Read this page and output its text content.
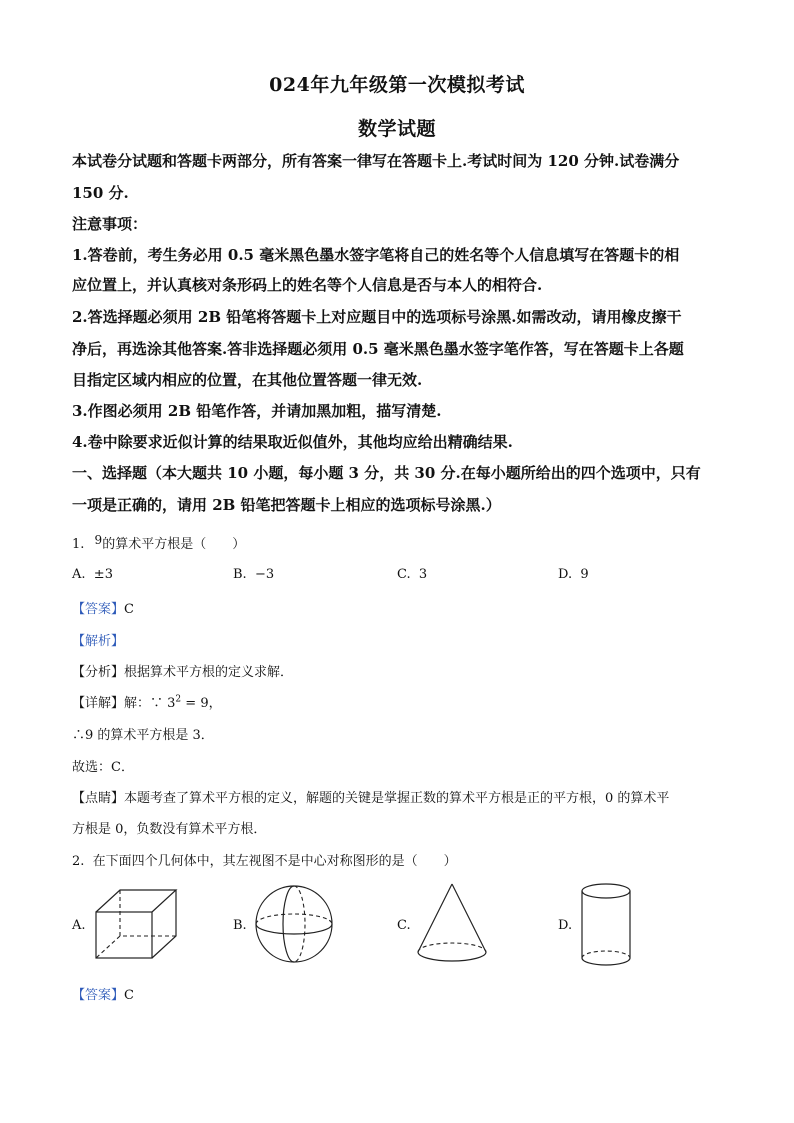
024年九年级第一次模拟考试
数学试题
本试卷分试题和答题卡两部分，所有答案一律写在答题卡上.考试时间为 120 分钟.试卷满分
150 分.
注意事项：
1.答卷前，考生务必用 0.5 毫米黑色墨水签字笔将自己的姓名等个人信息填写在答题卡的相
应位置上，并认真核对条形码上的姓名等个人信息是否与本人的相符合.
2.答选择题必须用 2B 铅笔将答题卡上对应题目中的选项标号涂黑.如需改动，请用橡皮擦干
净后，再选涂其他答案.答非选择题必须用 0.5 毫米黑色墨水签字笔作答，写在答题卡上各题
目指定区域内相应的位置，在其他位置答题一律无效.
3.作图必须用 2B 铅笔作答，并请加黑加粗，描写清楚.
4.卷中除要求近似计算的结果取近似值外，其他均应给出精确结果.
一、选择题（本大题共 10 小题，每小题 3 分，共 30 分.在每小题所给出的四个选项中，只有
一项是正确的，请用 2B 铅笔把答题卡上相应的选项标号涂黑.）
1. 9的算术平方根是（　　）
A. ±3	B. −3	C. 3	D. 9
【答案】C
【解析】
【分析】根据算术平方根的定义求解．
【详解】解：∵ $3^2 = 9$，
∴9 的算术平方根是 3．
故选：C．
【点睛】本题考查了算术平方根的定义，解题的关键是掌握正数的算术平方根是正的平方根，0 的算术平
方根是 0，负数没有算术平方根．
2. 在下面四个几何体中，其左视图不是中心对称图形的是（　　）
A.	B.	C.	D.
【答案】C
